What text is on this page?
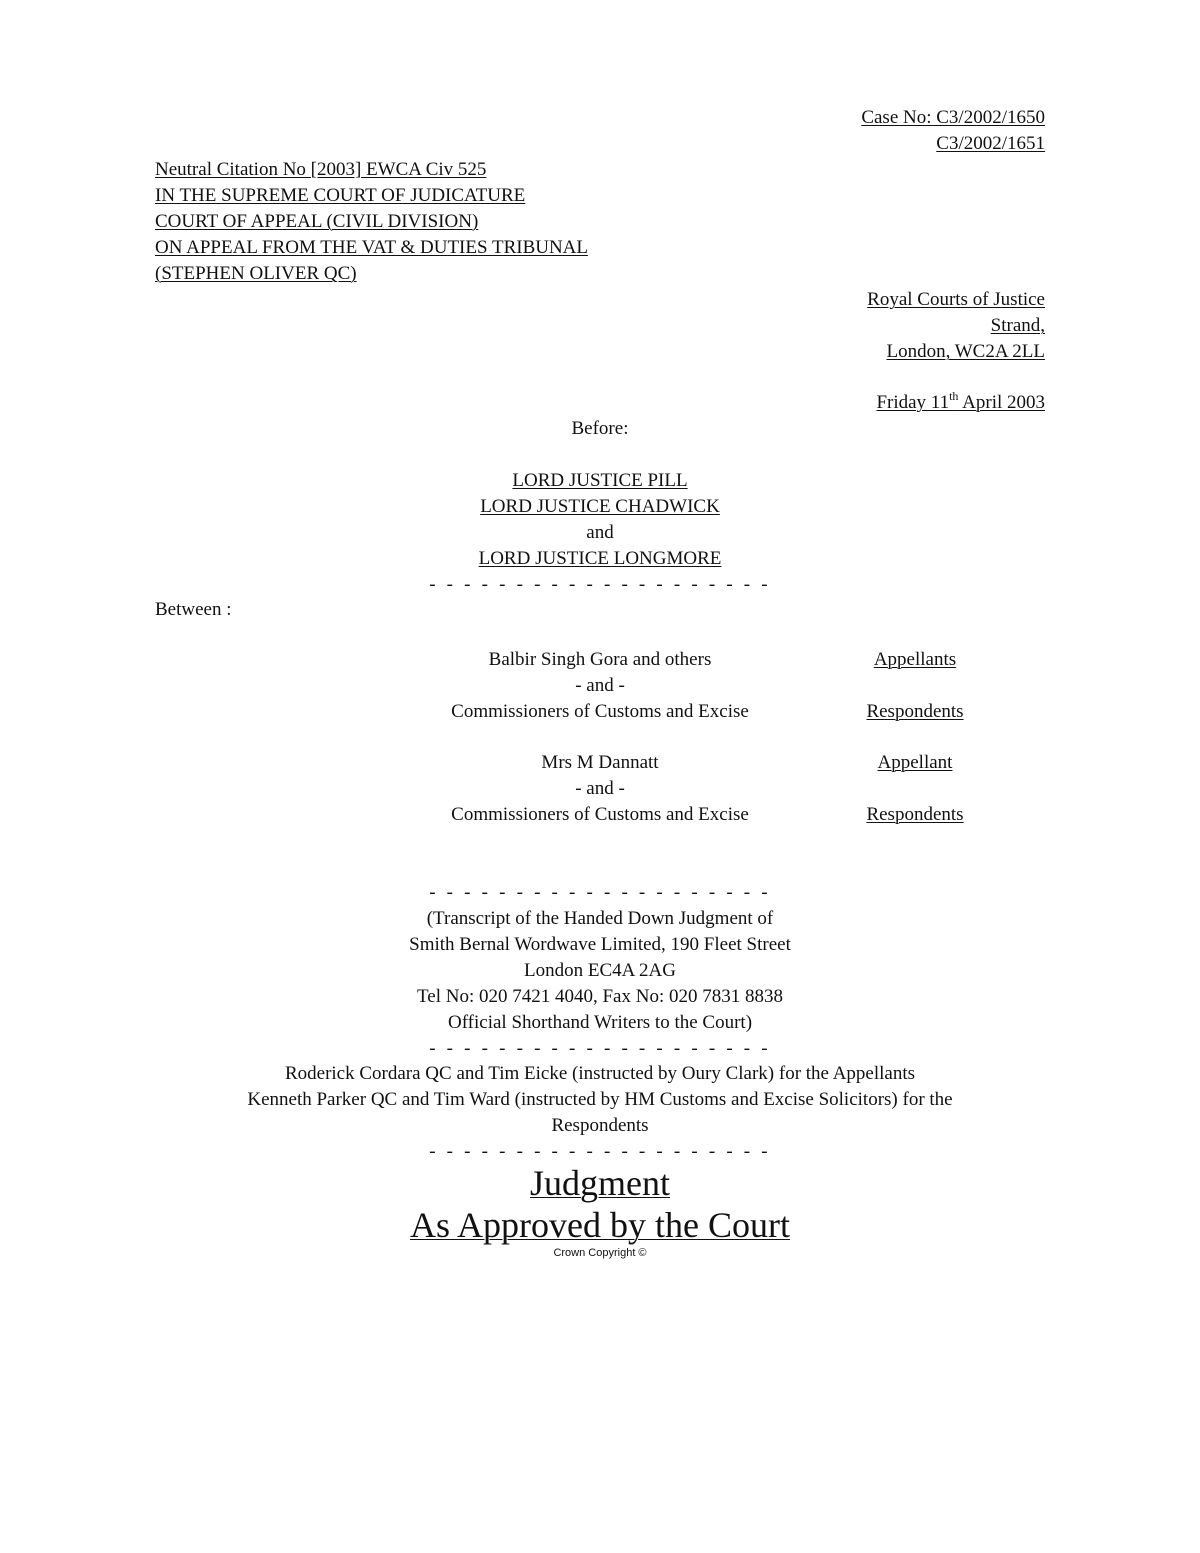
Case No: C3/2002/1650
C3/2002/1651
Neutral Citation No [2003] EWCA Civ 525
IN THE SUPREME COURT OF JUDICATURE
COURT OF APPEAL (CIVIL DIVISION)
ON APPEAL FROM THE VAT & DUTIES TRIBUNAL
(STEPHEN OLIVER QC)
Royal Courts of Justice
Strand,
London, WC2A 2LL
Friday 11th April 2003
Before:
LORD JUSTICE PILL
LORD JUSTICE CHADWICK
and
LORD JUSTICE LONGMORE
- - - - - - - - - - - - - - - - - - - -
Between :
Balbir Singh Gora and others	Appellants
- and -
Commissioners of Customs and Excise	Respondents
Mrs M Dannatt	Appellant
- and -
Commissioners of Customs and Excise	Respondents
- - - - - - - - - - - - - - - - - - - -
(Transcript of the Handed Down Judgment of
Smith Bernal Wordwave Limited, 190 Fleet Street
London EC4A 2AG
Tel No: 020 7421 4040, Fax No: 020 7831 8838
Official Shorthand Writers to the Court)
- - - - - - - - - - - - - - - - - - - -
Roderick Cordara QC and Tim Eicke (instructed by Oury Clark) for the Appellants
Kenneth Parker QC and Tim Ward (instructed by HM Customs and Excise Solicitors) for the
Respondents
- - - - - - - - - - - - - - - - - - - -
Judgment
As Approved by the Court
Crown Copyright ©
